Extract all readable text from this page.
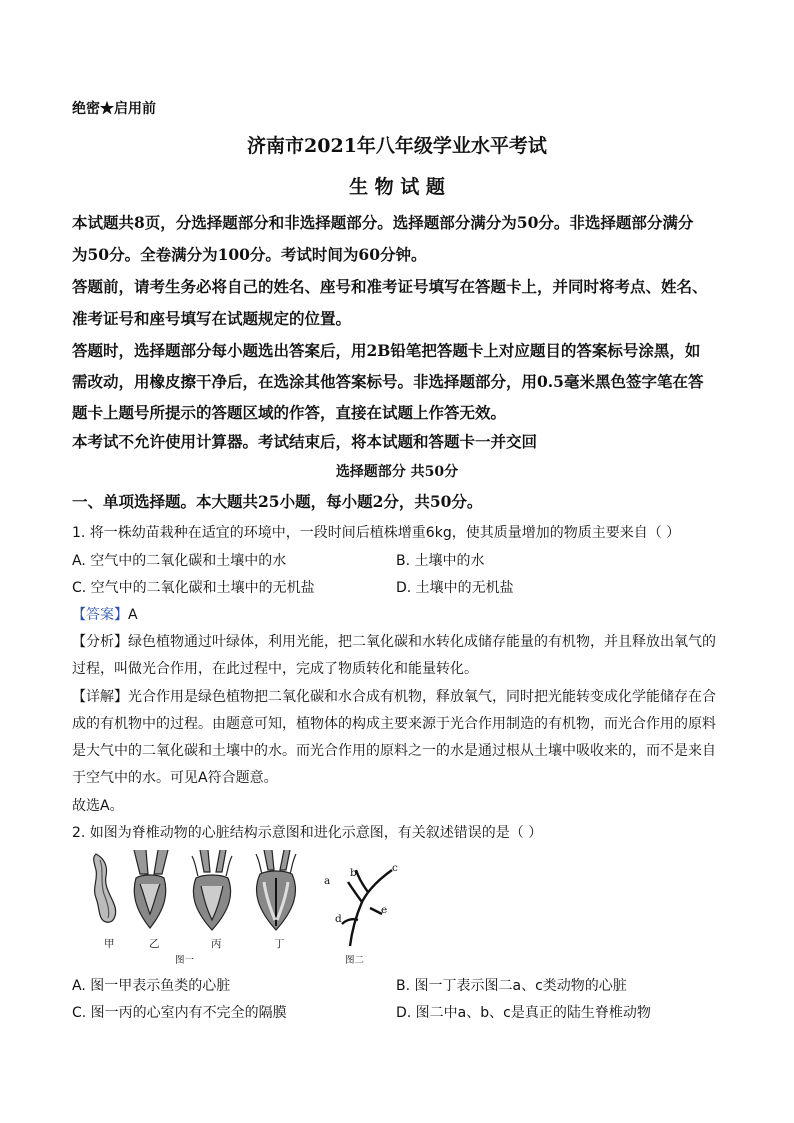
绝密★启用前
济南市2021年八年级学业水平考试
生 物 试 题
本试题共8页，分选择题部分和非选择题部分。选择题部分满分为50分。非选择题部分满分
为50分。全卷满分为100分。考试时间为60分钟。
答题前，请考生务必将自己的姓名、座号和准考证号填写在答题卡上，并同时将考点、姓名、
准考证号和座号填写在试题规定的位置。
答题时，选择题部分每小题选出答案后，用2B铅笔把答题卡上对应题目的答案标号涂黑，如
需改动，用橡皮擦干净后，在选涂其他答案标号。非选择题部分，用0.5毫米黑色签字笔在答
题卡上题号所提示的答题区域的作答，直接在试题上作答无效。
本考试不允许使用计算器。考试结束后，将本试题和答题卡一并交回
选择题部分 共50分
一、单项选择题。本大题共25小题，每小题2分，共50分。
1. 将一株幼苗栽种在适宜的环境中，一段时间后植株增重6kg，使其质量增加的物质主要来自（ ）
A. 空气中的二氧化碳和土壤中的水	B. 土壤中的水
C. 空气中的二氧化碳和土壤中的无机盐	D. 土壤中的无机盐
【答案】A
【分析】绿色植物通过叶绿体，利用光能，把二氧化碳和水转化成储存能量的有机物，并且释放出氧气的
过程，叫做光合作用，在此过程中，完成了物质转化和能量转化。
【详解】光合作用是绿色植物把二氧化碳和水合成有机物，释放氧气，同时把光能转变成化学能储存在合
成的有机物中的过程。由题意可知，植物体的构成主要来源于光合作用制造的有机物，而光合作用的原料
是大气中的二氧化碳和土壤中的水。而光合作用的原料之一的水是通过根从土壤中吸收来的，而不是来自
于空气中的水。可见A符合题意。
故选A。
2. 如图为脊椎动物的心脏结构示意图和进化示意图，有关叙述错误的是（ ）
甲	乙	丙	丁
图一
a
b	c
d
e
图二
A. 图一甲表示鱼类的心脏	B. 图一丁表示图二a、c类动物的心脏
C. 图一丙的心室内有不完全的隔膜	D. 图二中a、b、c是真正的陆生脊椎动物
